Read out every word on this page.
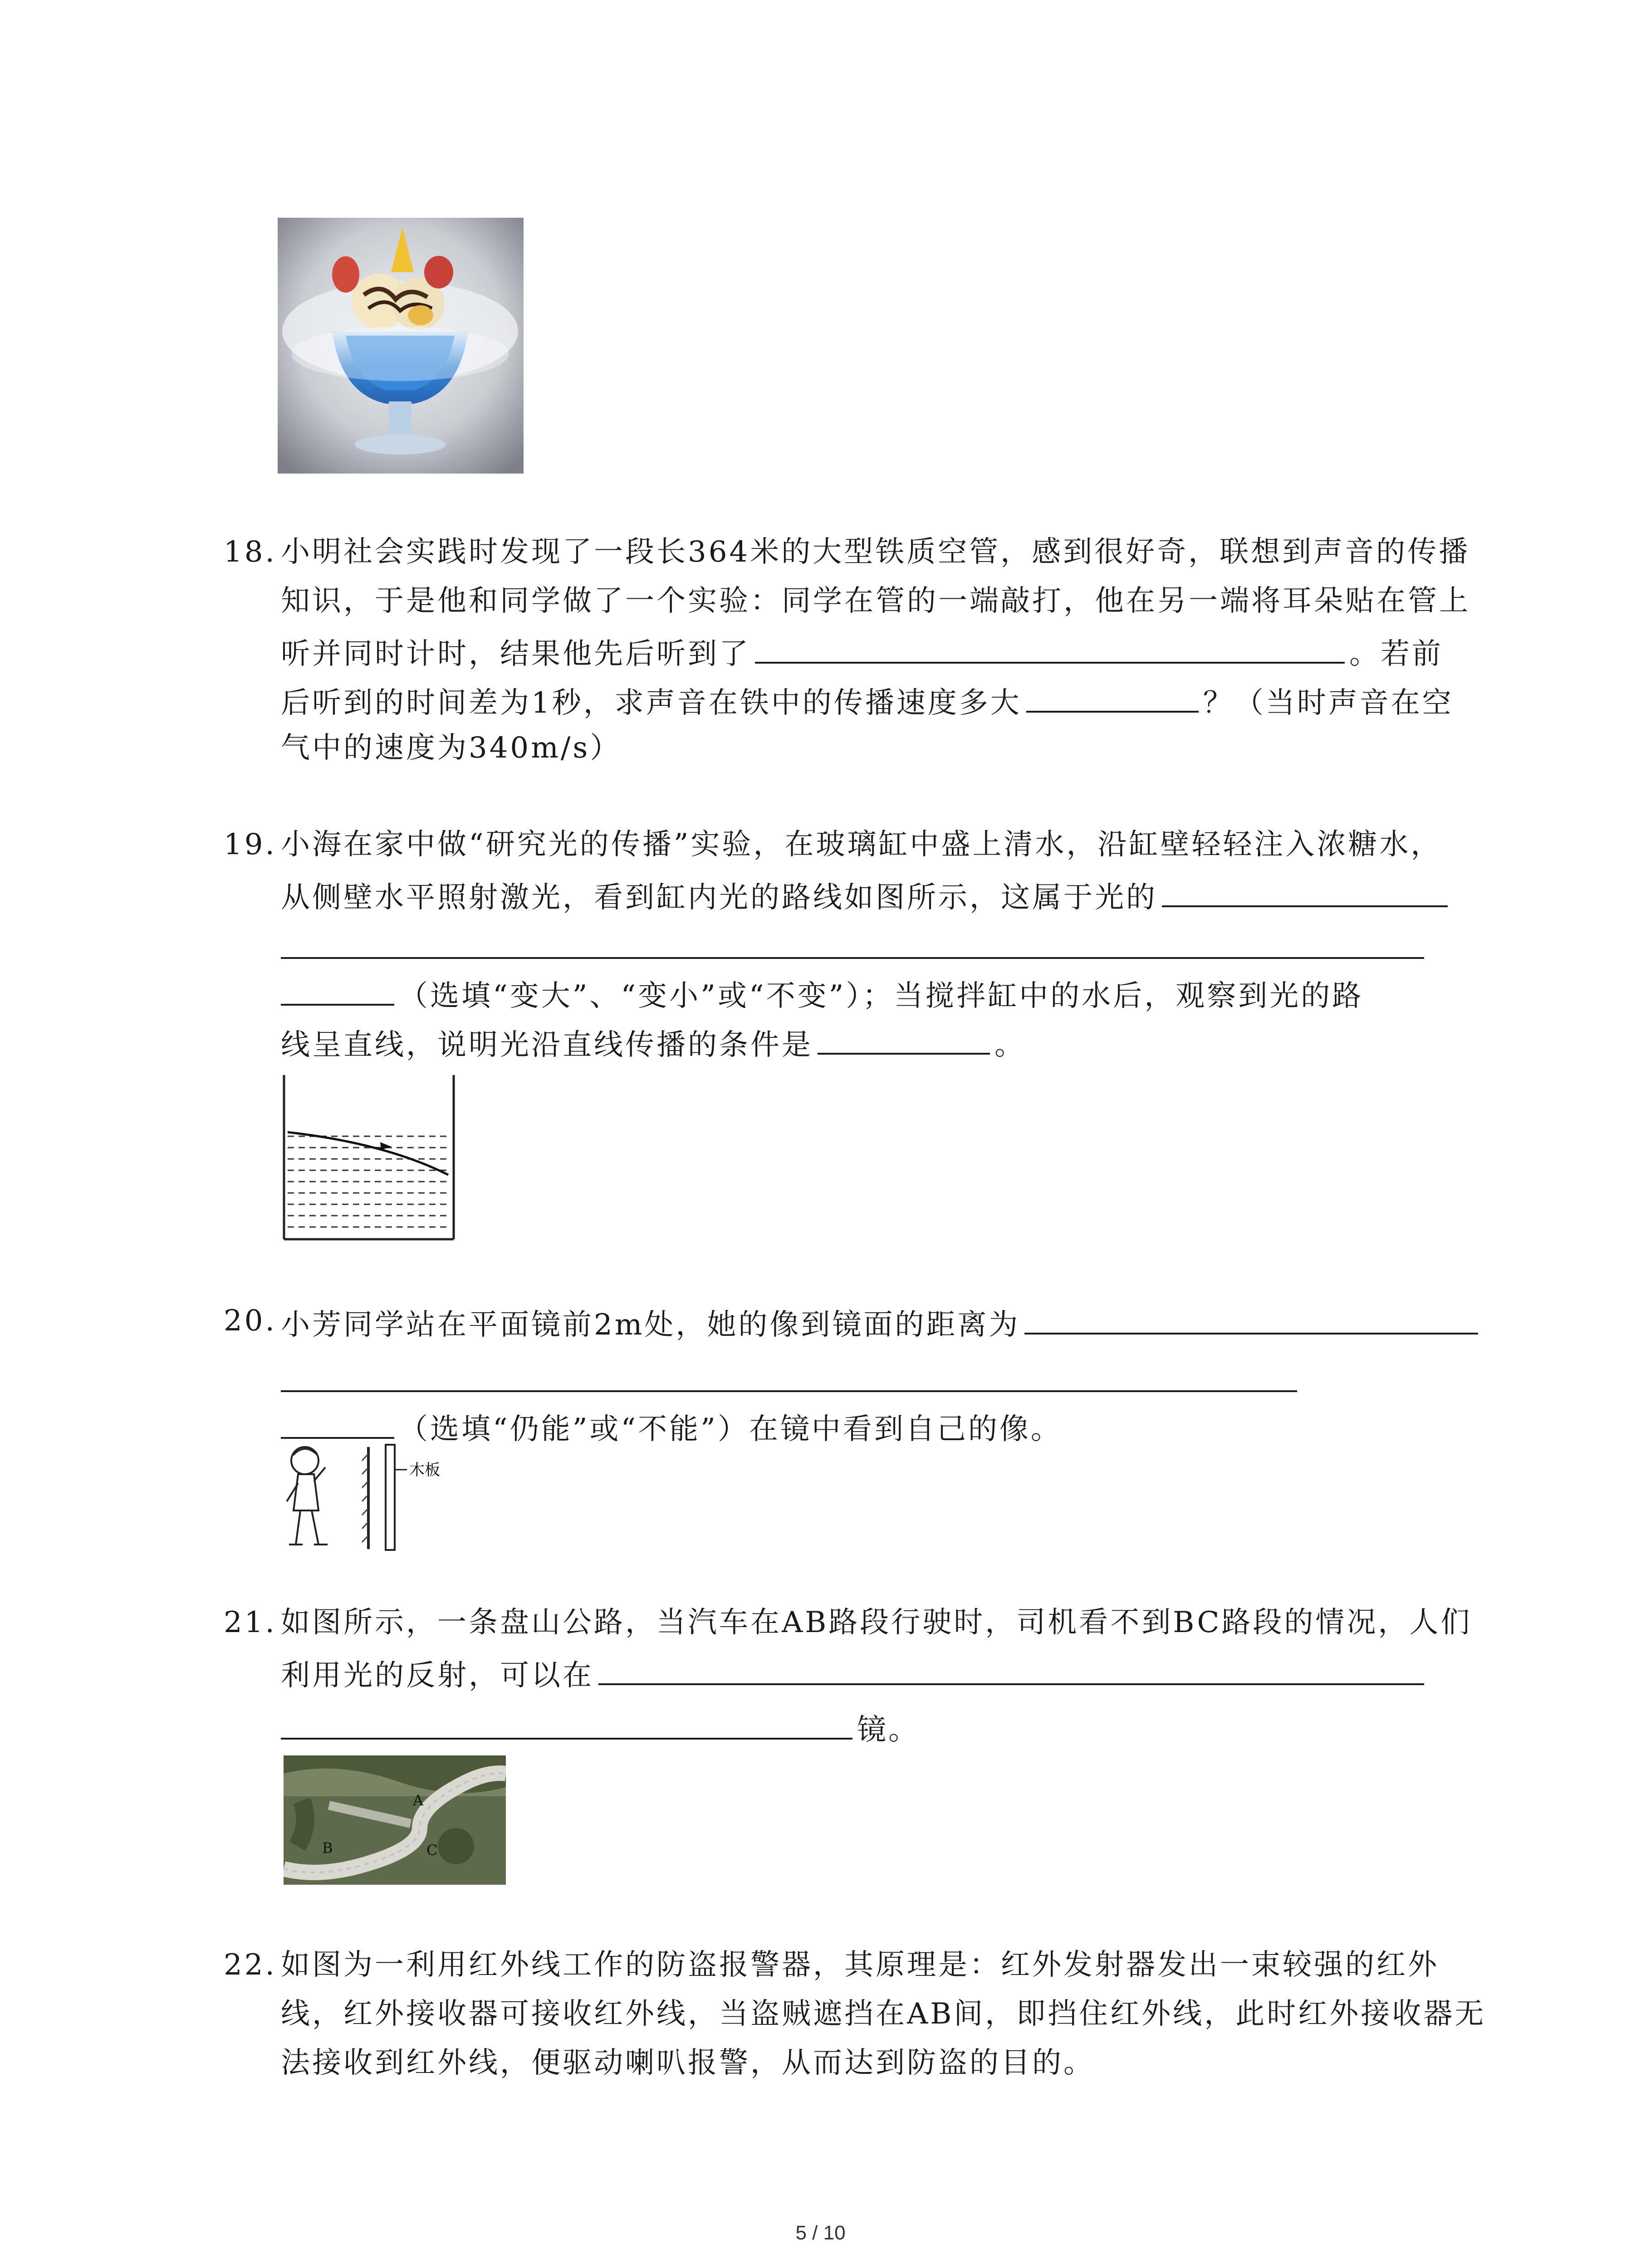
18. 小明社会实践时发现了一段长364米的大型铁质空管，感到很好奇，联想到声音的传播
知识，于是他和同学做了一个实验：同学在管的一端敲打，他在另一端将耳朵贴在管上
听并同时计时，结果他先后听到了	。若前
后听到的时间差为1秒，求声音在铁中的传播速度多大	？（当时声音在空
气中的速度为340m/s）
19. 小海在家中做“研究光的传播”实验，在玻璃缸中盛上清水，沿缸壁轻轻注入浓糖水，
从侧壁水平照射激光，看到缸内光的路线如图所示，这属于光的
（选填“变大”、“变小”或“不变”）；当搅拌缸中的水后，观察到光的路
线呈直线，说明光沿直线传播的条件是	。
20. 小芳同学站在平面镜前2m处，她的像到镜面的距离为
（选填“仍能”或“不能”）在镜中看到自己的像。
木板
21. 如图所示，一条盘山公路，当汽车在AB路段行驶时，司机看不到BC路段的情况，人们
利用光的反射，可以在
镜。
A
B	C
22. 如图为一利用红外线工作的防盗报警器，其原理是：红外发射器发出一束较强的红外
线，红外接收器可接收红外线，当盗贼遮挡在AB间，即挡住红外线，此时红外接收器无
法接收到红外线，便驱动喇叭报警，从而达到防盗的目的。
5 / 10
